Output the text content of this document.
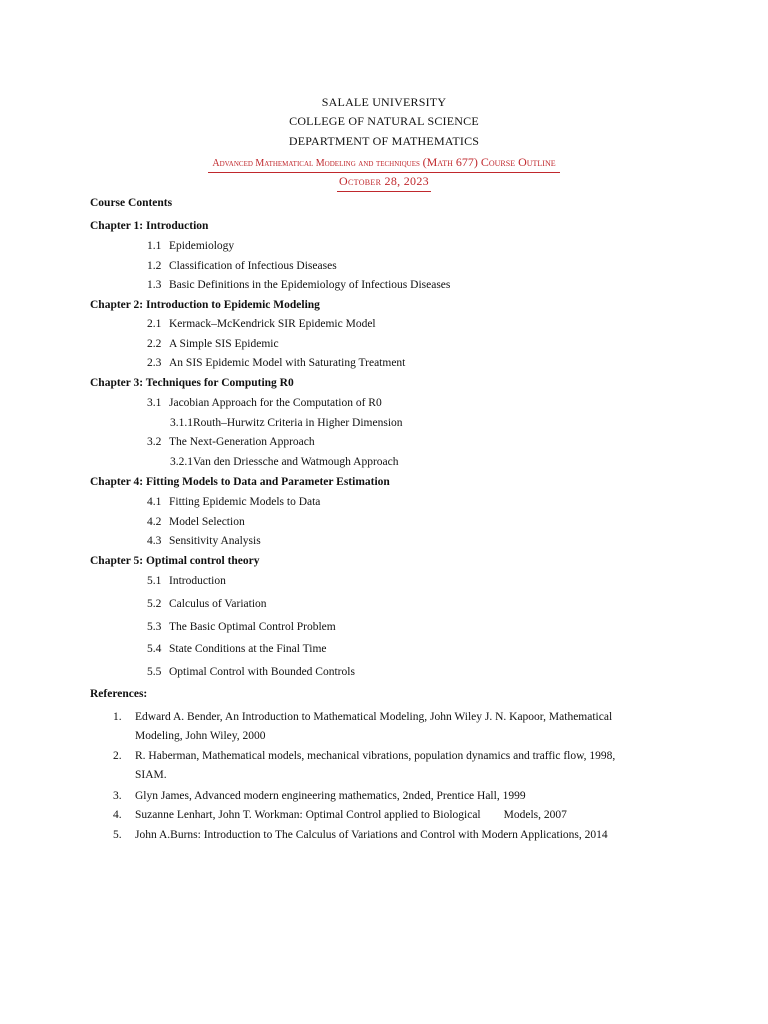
SALALE UNIVERSITY
COLLEGE OF NATURAL SCIENCE
DEPARTMENT OF MATHEMATICS
Advanced Mathematical Modeling and techniques (Math 677) Course Outline
October 28, 2023
Course Contents
Chapter 1: Introduction
1.1 Epidemiology
1.2 Classification of Infectious Diseases
1.3 Basic Definitions in the Epidemiology of Infectious Diseases
Chapter 2: Introduction to Epidemic Modeling
2.1 Kermack–McKendrick SIR Epidemic Model
2.2 A Simple SIS Epidemic
2.3 An SIS Epidemic Model with Saturating Treatment
Chapter 3: Techniques for Computing R0
3.1 Jacobian Approach for the Computation of R0
3.1.1Routh–Hurwitz Criteria in Higher Dimension
3.2 The Next-Generation Approach
3.2.1Van den Driessche and Watmough Approach
Chapter 4: Fitting Models to Data and Parameter Estimation
4.1 Fitting Epidemic Models to Data
4.2 Model Selection
4.3 Sensitivity Analysis
Chapter 5: Optimal control theory
5.1 Introduction
5.2 Calculus of Variation
5.3 The Basic Optimal Control Problem
5.4 State Conditions at the Final Time
5.5 Optimal Control with Bounded Controls
References:
1. Edward A. Bender, An Introduction to Mathematical Modeling, John Wiley J. N. Kapoor, Mathematical
Modeling, John Wiley, 2000
2. R. Haberman, Mathematical models, mechanical vibrations, population dynamics and traffic flow, 1998,
SIAM.
3. Glyn James, Advanced modern engineering mathematics, 2nded, Prentice Hall, 1999
4. Suzanne Lenhart, John T. Workman: Optimal Control applied to Biological        Models, 2007
5. John A.Burns: Introduction to The Calculus of Variations and Control with Modern Applications, 2014
